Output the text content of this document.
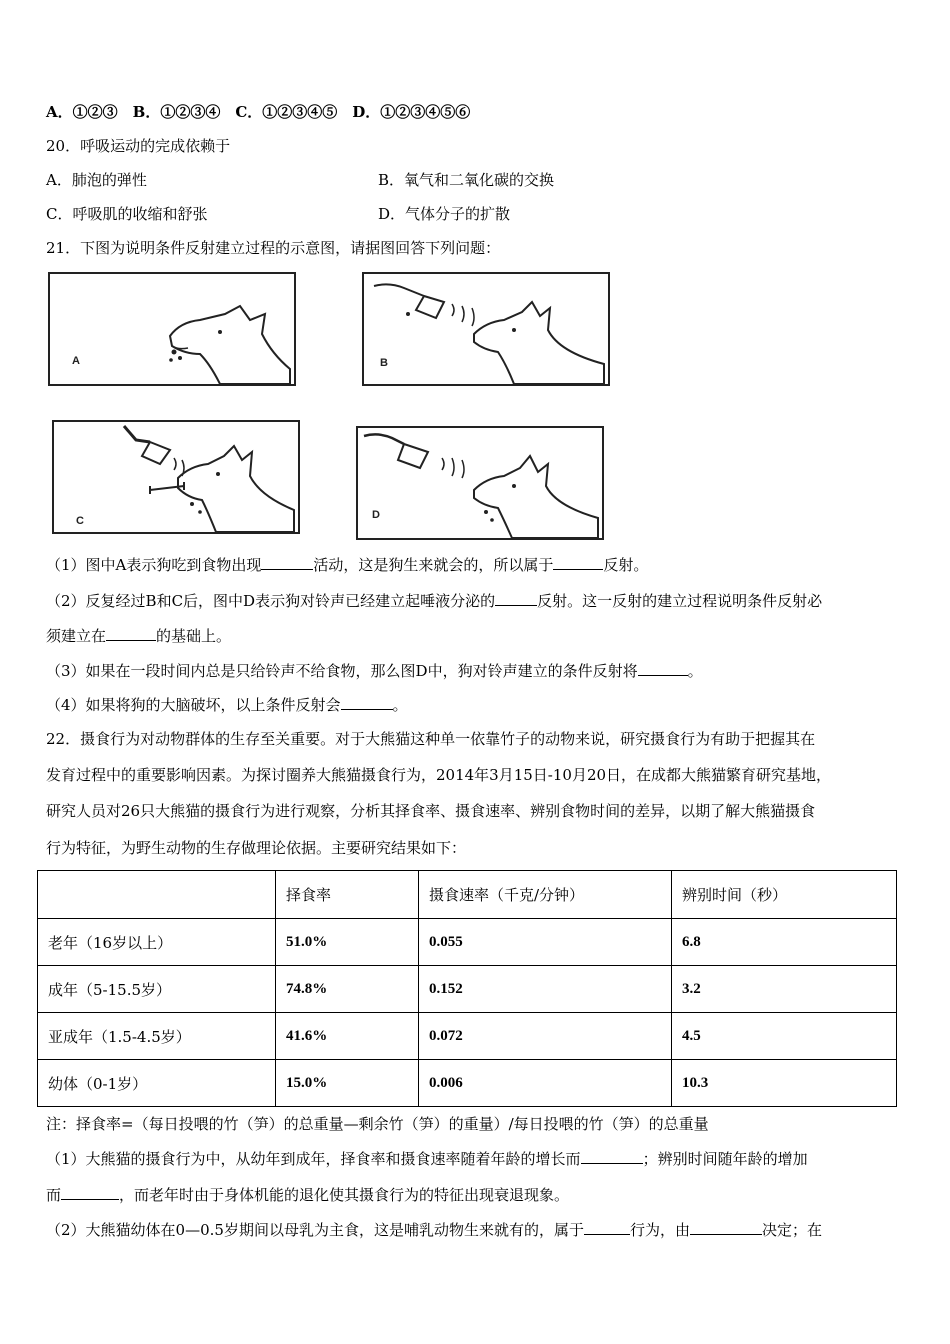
A．①②③　B．①②③④　C．①②③④⑤　D．①②③④⑤⑥
20．呼吸运动的完成依赖于
A．肺泡的弹性	B．氧气和二氧化碳的交换
C．呼吸肌的收缩和舒张	D．气体分子的扩散
21．下图为说明条件反射建立过程的示意图，请据图回答下列问题：
A	B
C	D
（1）图中A表示狗吃到食物出现	活动，这是狗生来就会的，所以属于	反射。
（2）反复经过B和C后，图中D表示狗对铃声已经建立起唾液分泌的	反射。这一反射的建立过程说明条件反射必
须建立在	的基础上。
（3）如果在一段时间内总是只给铃声不给食物，那么图D中，狗对铃声建立的条件反射将	。
（4）如果将狗的大脑破坏，以上条件反射会	。
22．摄食行为对动物群体的生存至关重要。对于大熊猫这种单一依靠竹子的动物来说，研究摄食行为有助于把握其在
发育过程中的重要影响因素。为探讨圈养大熊猫摄食行为，2014年3月15日-10月20日，在成都大熊猫繁育研究基地，
研究人员对26只大熊猫的摄食行为进行观察，分析其择食率、摄食速率、辨别食物时间的差异，以期了解大熊猫摄食
行为特征，为野生动物的生存做理论依据。主要研究结果如下：
	择食率	摄食速率（千克/分钟）	辨别时间（秒）
老年（16岁以上）	51.0%	0.055	6.8
成年（5-15.5岁）	74.8%	0.152	3.2
亚成年（1.5-4.5岁）	41.6%	0.072	4.5
幼体（0-1岁）	15.0%	0.006	10.3
注：择食率=（每日投喂的竹（笋）的总重量—剩余竹（笋）的重量）/每日投喂的竹（笋）的总重量
（1）大熊猫的摄食行为中，从幼年到成年，择食率和摄食速率随着年龄的增长而	；辨别时间随年龄的增加
而	，而老年时由于身体机能的退化使其摄食行为的特征出现衰退现象。
（2）大熊猫幼体在0—0.5岁期间以母乳为主食，这是哺乳动物生来就有的，属于	行为，由	决定；在
